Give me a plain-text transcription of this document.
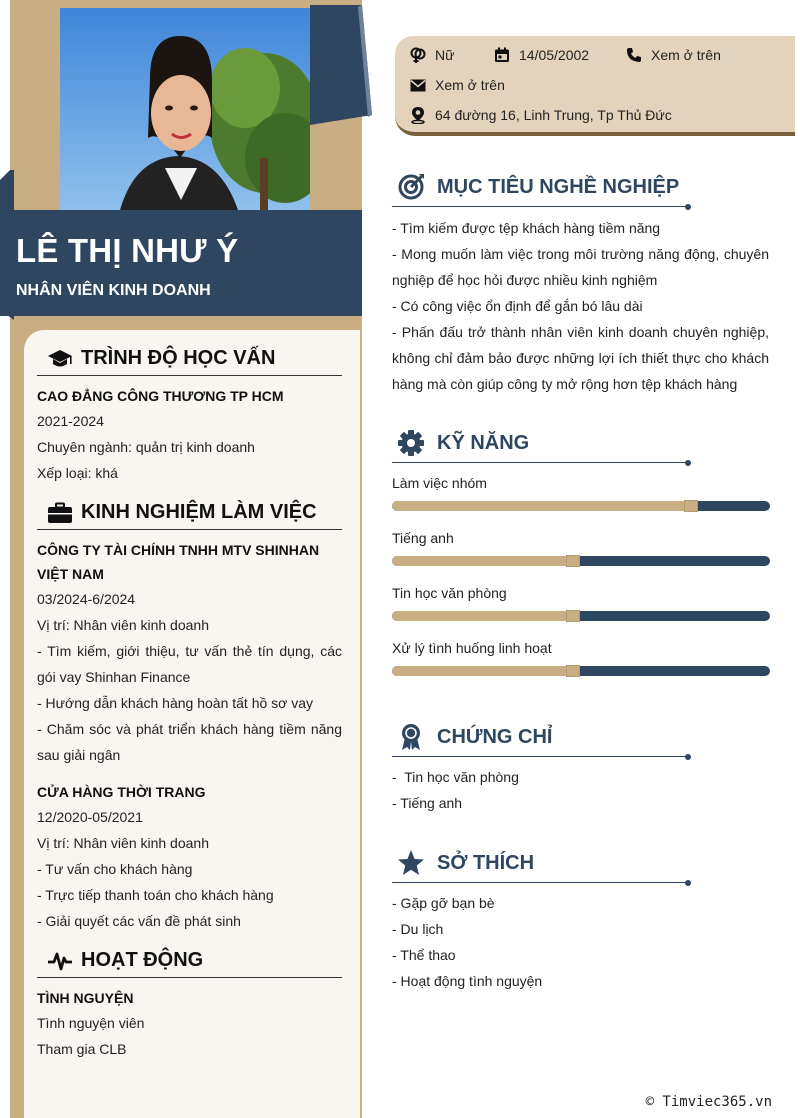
LÊ THỊ NHƯ Ý
NHÂN VIÊN KINH DOANH
TRÌNH ĐỘ HỌC VẤN
CAO ĐẲNG CÔNG THƯƠNG TP HCM
2021-2024
Chuyên ngành: quản trị kinh doanh
Xếp loại: khá
KINH NGHIỆM LÀM VIỆC
CÔNG TY TÀI CHÍNH TNHH MTV SHINHAN VIỆT NAM
03/2024-6/2024
Vị trí: Nhân viên kinh doanh
- Tìm kiếm, giới thiệu, tư vấn thẻ tín dụng, các gói vay Shinhan Finance
- Hướng dẫn khách hàng hoàn tất hồ sơ vay
- Chăm sóc và phát triển khách hàng tiềm năng sau giải ngân
CỬA HÀNG THỜI TRANG
12/2020-05/2021
Vị trí: Nhân viên kinh doanh
- Tư vấn cho khách hàng
- Trực tiếp thanh toán cho khách hàng
- Giải quyết các vấn đề phát sinh
HOẠT ĐỘNG
TÌNH NGUYỆN
Tình nguyện viên
Tham gia CLB
Nữ	14/05/2002	Xem ở trên
Xem ở trên
64 đường 16, Linh Trung, Tp Thủ Đức
MỤC TIÊU NGHỀ NGHIỆP
- Tìm kiếm được tệp khách hàng tiềm năng
- Mong muốn làm việc trong môi trường năng động, chuyên nghiệp để học hỏi được nhiều kinh nghiệm
- Có công việc ổn định để gắn bó lâu dài
- Phấn đấu trở thành nhân viên kinh doanh chuyên nghiệp, không chỉ đảm bảo được những lợi ích thiết thực cho khách hàng mà còn giúp công ty mở rộng hơn tệp khách hàng
KỸ NĂNG
Làm việc nhóm
Tiếng anh
Tin học văn phòng
Xử lý tình huống linh hoạt
CHỨNG CHỈ
-  Tin học văn phòng
- Tiếng anh
SỞ THÍCH
- Gặp gỡ bạn bè
- Du lịch
- Thể thao
- Hoạt động tình nguyện
© Timviec365.vn
